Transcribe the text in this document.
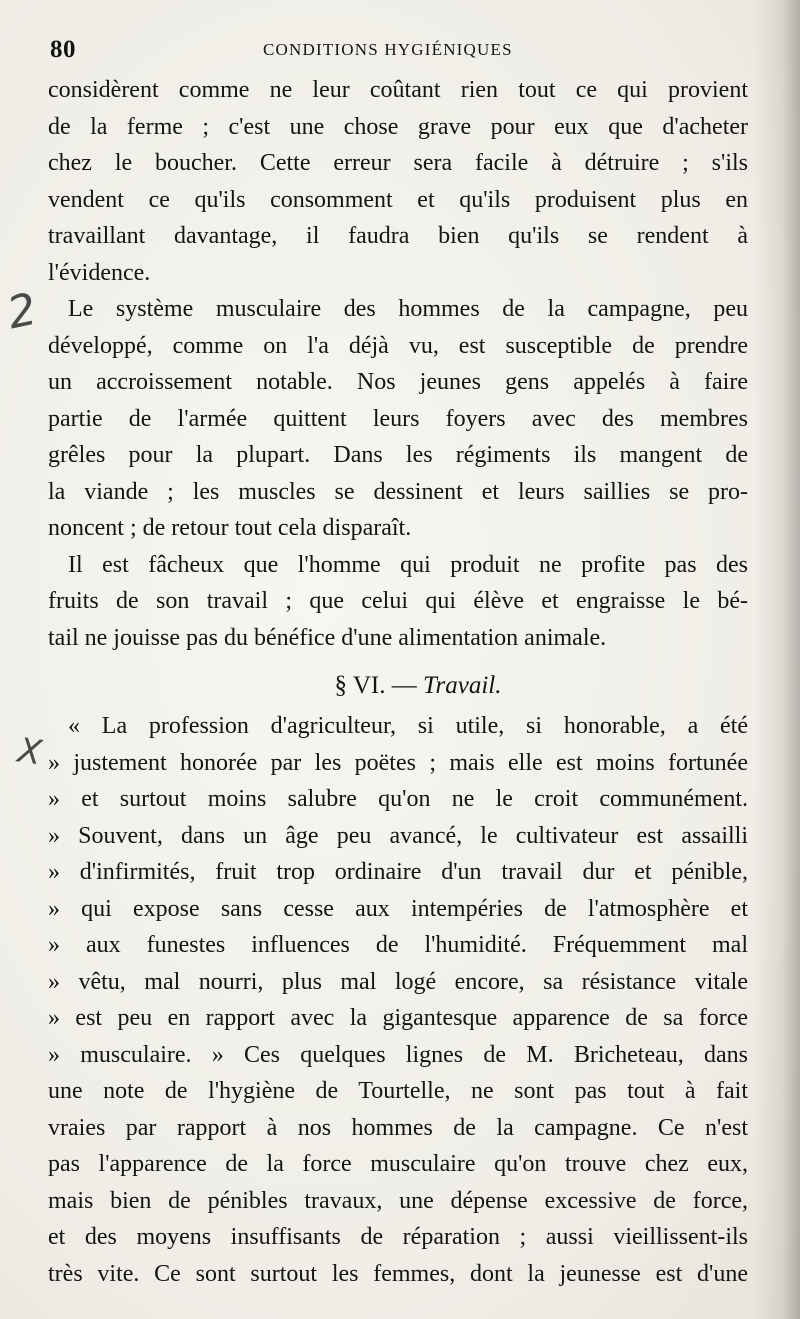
80	CONDITIONS HYGIÉNIQUES
2
X
considèrent comme ne leur coûtant rien tout ce qui provient
de la ferme ; c'est une chose grave pour eux que d'acheter
chez le boucher. Cette erreur sera facile à détruire ; s'ils
vendent ce qu'ils consomment et qu'ils produisent plus en
travaillant davantage, il faudra bien qu'ils se rendent à
l'évidence.
Le système musculaire des hommes de la campagne, peu
développé, comme on l'a déjà vu, est susceptible de prendre
un accroissement notable. Nos jeunes gens appelés à faire
partie de l'armée quittent leurs foyers avec des membres
grêles pour la plupart. Dans les régiments ils mangent de
la viande ; les muscles se dessinent et leurs saillies se pro-
noncent ; de retour tout cela disparaît.
Il est fâcheux que l'homme qui produit ne profite pas des
fruits de son travail ; que celui qui élève et engraisse le bé-
tail ne jouisse pas du bénéfice d'une alimentation animale.
§ VI. — Travail.
« La profession d'agriculteur, si utile, si honorable, a été
» justement honorée par les poëtes ; mais elle est moins fortunée
» et surtout moins salubre qu'on ne le croit communément.
» Souvent, dans un âge peu avancé, le cultivateur est assailli
» d'infirmités, fruit trop ordinaire d'un travail dur et pénible,
» qui expose sans cesse aux intempéries de l'atmosphère et
» aux funestes influences de l'humidité. Fréquemment mal
» vêtu, mal nourri, plus mal logé encore, sa résistance vitale
» est peu en rapport avec la gigantesque apparence de sa force
» musculaire. » Ces quelques lignes de M. Bricheteau, dans
une note de l'hygiène de Tourtelle, ne sont pas tout à fait
vraies par rapport à nos hommes de la campagne. Ce n'est
pas l'apparence de la force musculaire qu'on trouve chez eux,
mais bien de pénibles travaux, une dépense excessive de force,
et des moyens insuffisants de réparation ; aussi vieillissent-ils
très vite. Ce sont surtout les femmes, dont la jeunesse est d'une
